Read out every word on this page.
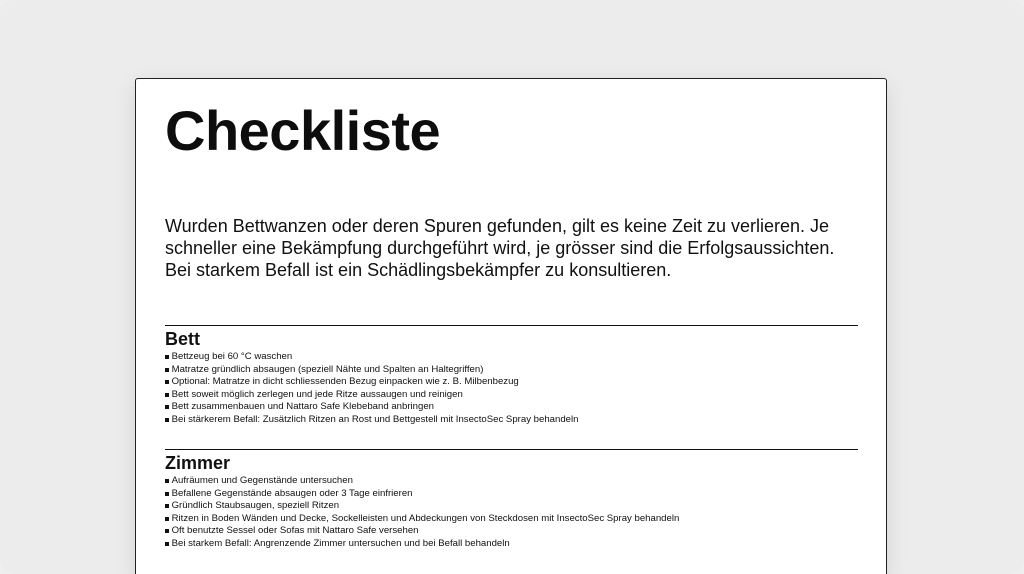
Checkliste

Wurden Bettwanzen oder deren Spuren gefunden, gilt es keine Zeit zu verlieren. Je schneller eine Bekämpfung durchgeführt wird, je grösser sind die Erfolgsaussichten. Bei starkem Befall ist ein Schädlingsbekämpfer zu konsultieren.

Bett
Bettzeug bei 60 °C waschen
Matratze gründlich absaugen (speziell Nähte und Spalten an Haltegriffen)
Optional: Matratze in dicht schliessenden Bezug einpacken wie z. B. Milbenbezug
Bett soweit möglich zerlegen und jede Ritze aussaugen und reinigen
Bett zusammenbauen und Nattaro Safe Klebeband anbringen
Bei stärkerem Befall: Zusätzlich Ritzen an Rost und Bettgestell mit InsectoSec Spray behandeln
Zimmer
Aufräumen und Gegenstände untersuchen
Befallene Gegenstände absaugen oder 3 Tage einfrieren
Gründlich Staubsaugen, speziell Ritzen
Ritzen in Boden Wänden und Decke, Sockelleisten und Abdeckungen von Steckdosen mit InsectoSec Spray behandeln
Oft benutzte Sessel oder Sofas mit Nattaro Safe versehen
Bei starkem Befall: Angrenzende Zimmer untersuchen und bei Befall behandeln
